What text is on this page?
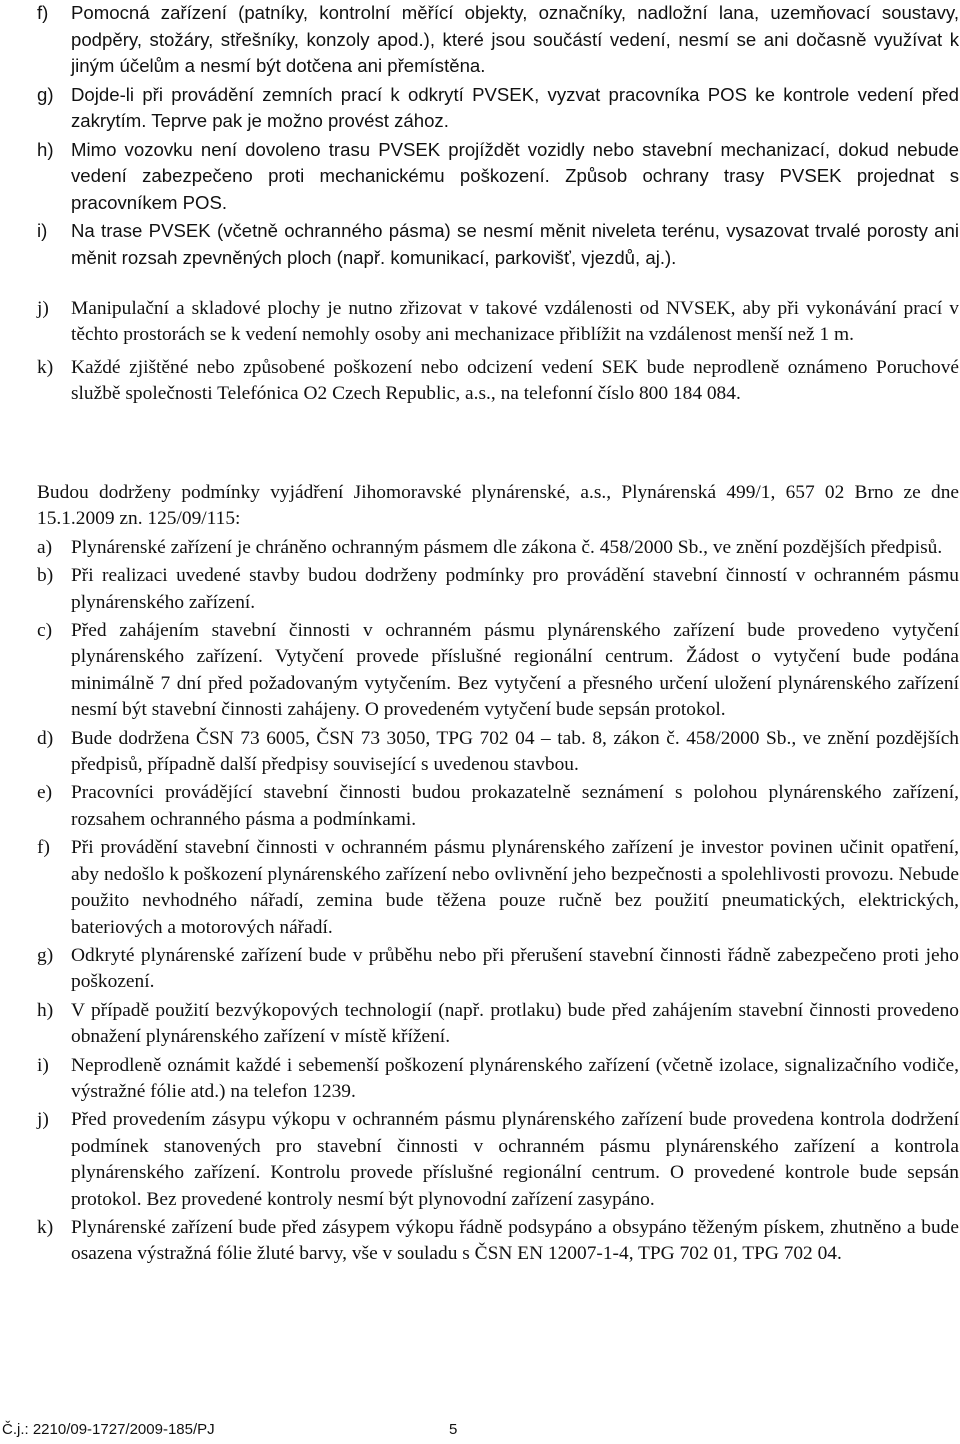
f) Pomocná zařízení (patníky, kontrolní měřící objekty, označníky, nadložní lana, uzemňovací soustavy, podpěry, stožáry, střešníky, konzoly apod.), které jsou součástí vedení, nesmí se ani dočasně využívat k jiným účelům a nesmí být dotčena ani přemístěna.

g) Dojde-li při provádění zemních prací k odkrytí PVSEK, vyzvat pracovníka POS ke kontrole vedení před zakrytím. Teprve pak je možno provést zához.

h) Mimo vozovku není dovoleno trasu PVSEK projíždět vozidly nebo stavební mechanizací, dokud nebude vedení zabezpečeno proti mechanickému poškození. Způsob ochrany trasy PVSEK projednat s pracovníkem POS.

i) Na trase PVSEK (včetně ochranného pásma) se nesmí měnit niveleta terénu, vysazovat trvalé porosty ani měnit rozsah zpevněných ploch (např. komunikací, parkovišť, vjezdů, aj.).

j) Manipulační a skladové plochy je nutno zřizovat v takové vzdálenosti od NVSEK, aby při vykonávání prací v těchto prostorách se k vedení nemohly osoby ani mechanizace přiblížit na vzdálenost menší než 1 m.

k) Každé zjištěné nebo způsobené poškození nebo odcizení vedení SEK bude neprodleně oznámeno Poruchové službě společnosti Telefónica O2 Czech Republic, a.s., na telefonní číslo 800 184 084.

Budou dodrženy podmínky vyjádření Jihomoravské plynárenské, a.s., Plynárenská 499/1, 657 02 Brno ze dne 15.1.2009 zn. 125/09/115:

a) Plynárenské zařízení je chráněno ochranným pásmem dle zákona č. 458/2000 Sb., ve znění pozdějších předpisů.

b) Při realizaci uvedené stavby budou dodrženy podmínky pro provádění stavební činností v ochranném pásmu plynárenského zařízení.

c) Před zahájením stavební činnosti v ochranném pásmu plynárenského zařízení bude provedeno vytyčení plynárenského zařízení. Vytyčení provede příslušné regionální centrum. Žádost o vytyčení bude podána minimálně 7 dní před požadovaným vytyčením. Bez vytyčení a přesného určení uložení plynárenského zařízení nesmí být stavební činnosti zahájeny. O provedeném vytyčení bude sepsán protokol.

d) Bude dodržena ČSN 73 6005, ČSN 73 3050, TPG 702 04 – tab. 8, zákon č. 458/2000 Sb., ve znění pozdějších předpisů, případně další předpisy související s uvedenou stavbou.

e) Pracovníci provádějící stavební činnosti budou prokazatelně seznámení s polohou plynárenského zařízení, rozsahem ochranného pásma a podmínkami.

f) Při provádění stavební činnosti v ochranném pásmu plynárenského zařízení je investor povinen učinit opatření, aby nedošlo k poškození plynárenského zařízení nebo ovlivnění jeho bezpečnosti a spolehlivosti provozu. Nebude použito nevhodného nářadí, zemina bude těžena pouze ručně bez použití pneumatických, elektrických, bateriových a motorových nářadí.

g) Odkryté plynárenské zařízení bude v průběhu nebo při přerušení stavební činnosti řádně zabezpečeno proti jeho poškození.

h) V případě použití bezvýkopových technologií (např. protlaku) bude před zahájením stavební činnosti provedeno obnažení plynárenského zařízení v místě křížení.

i) Neprodleně oznámit každé i sebemenší poškození plynárenského zařízení (včetně izolace, signalizačního vodiče, výstražné fólie atd.) na telefon 1239.

j) Před provedením zásypu výkopu v ochranném pásmu plynárenského zařízení bude provedena kontrola dodržení podmínek stanovených pro stavební činnosti v ochranném pásmu plynárenského zařízení a kontrola plynárenského zařízení. Kontrolu provede příslušné regionální centrum. O provedené kontrole bude sepsán protokol. Bez provedené kontroly nesmí být plynovodní zařízení zasypáno.

k) Plynárenské zařízení bude před zásypem výkopu řádně podsypáno a obsypáno těženým pískem, zhutněno a bude osazena výstražná fólie žluté barvy, vše v souladu s ČSN EN 12007-1-4, TPG 702 01, TPG 702 04.

Č.j.: 2210/09-1727/2009-185/PJ	5
